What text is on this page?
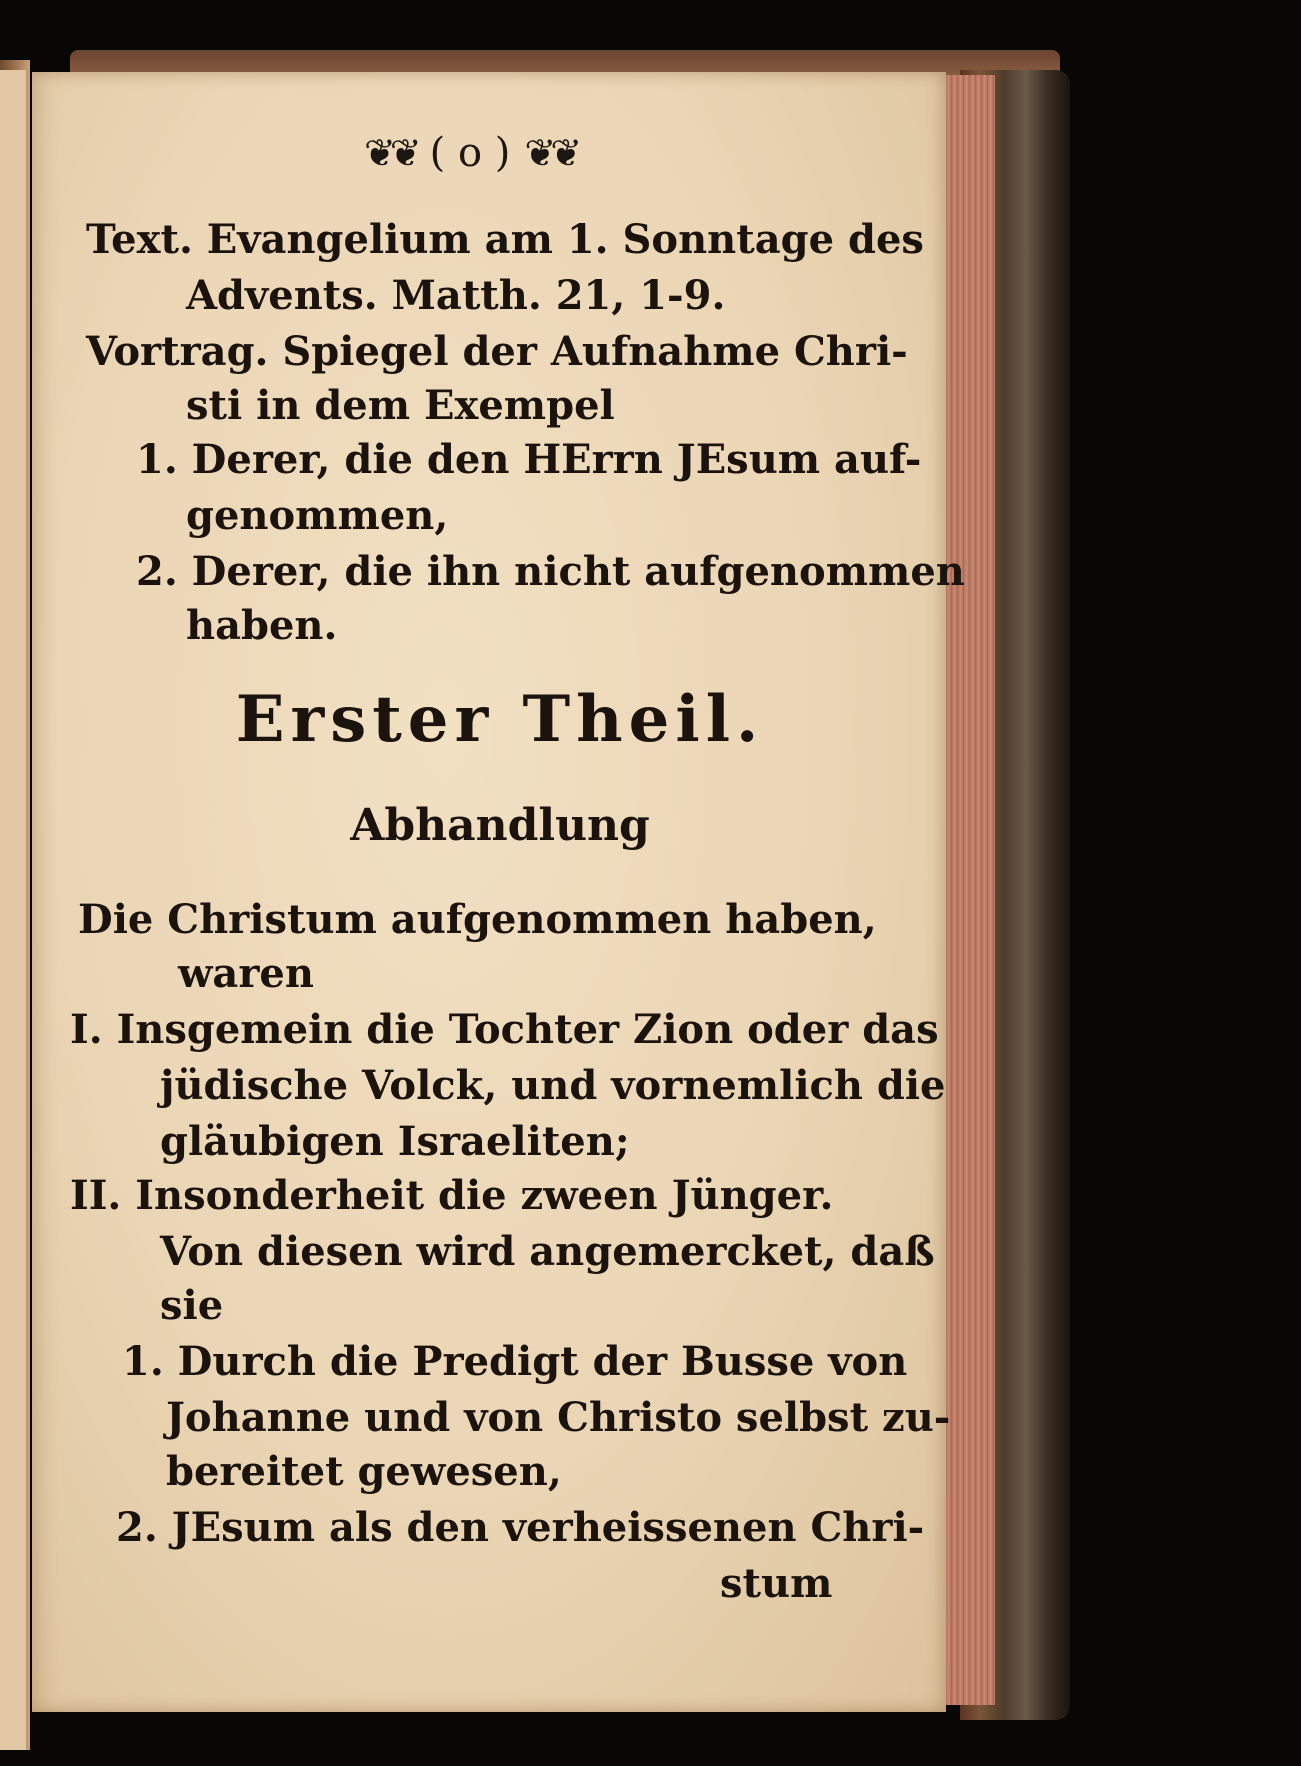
❦❦ ( o ) ❦❦
Text. Evangelium am 1. Sonntage des
Advents. Matth. 21, 1-9.
Vortrag. Spiegel der Aufnahme Chri-
sti in dem Exempel
1. Derer, die den HErrn JEsum auf-
genommen,
2. Derer, die ihn nicht aufgenommen
haben.
Erster Theil.
Abhandlung
Die Christum aufgenommen haben,
waren
I. Insgemein die Tochter Zion oder das
jüdische Volck, und vornemlich die
gläubigen Israeliten;
II. Insonderheit die zween Jünger.
Von diesen wird angemercket, daß
sie
1. Durch die Predigt der Busse von
Johanne und von Christo selbst zu-
bereitet gewesen,
2. JEsum als den verheissenen Chri-
stum
